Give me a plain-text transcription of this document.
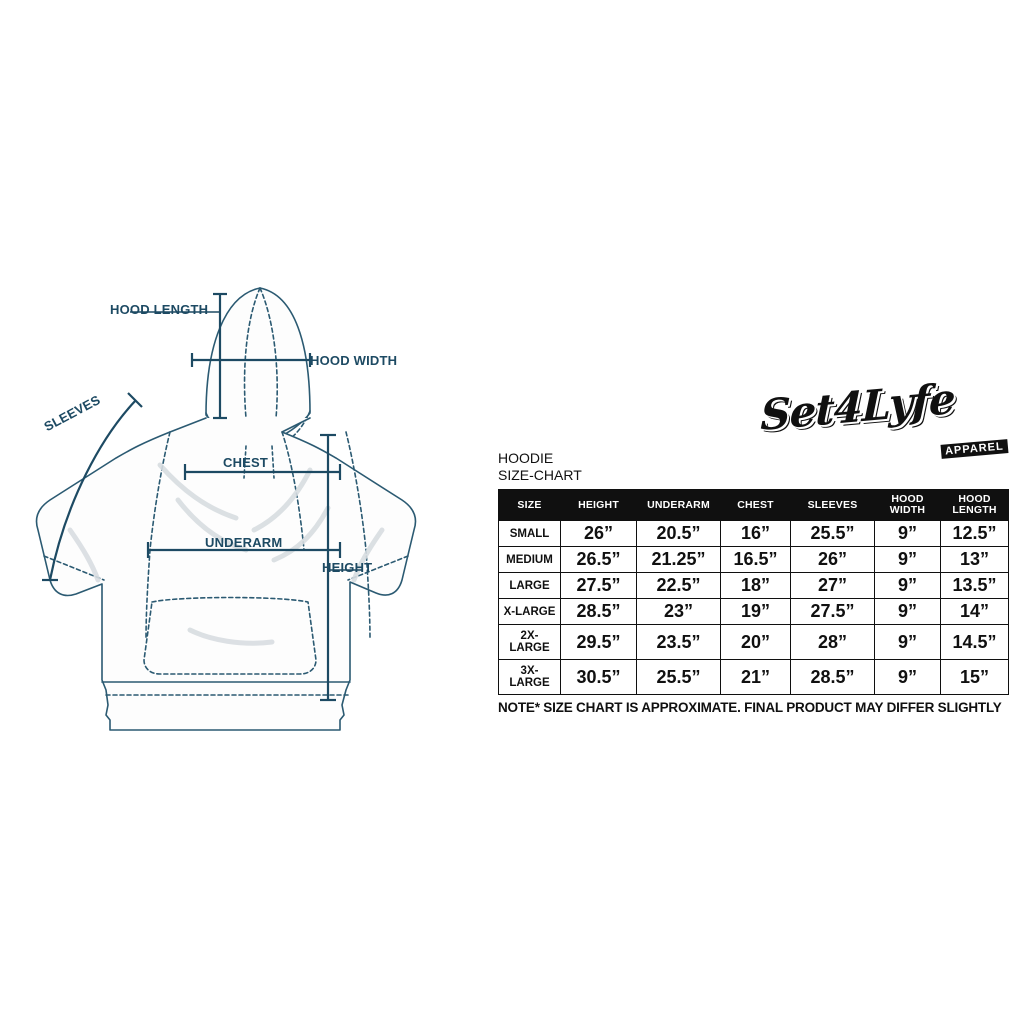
HOOD LENGTH
HOOD WIDTH
SLEEVES
CHEST
UNDERARM
HEIGHT
Set4Lyfe
APPAREL
HOODIE
SIZE-CHART
SIZE	HEIGHT	UNDERARM	CHEST	SLEEVES	HOOD WIDTH	HOOD LENGTH
SMALL	26”	20.5”	16”	25.5”	9”	12.5”
MEDIUM	26.5”	21.25”	16.5”	26”	9”	13”
LARGE	27.5”	22.5”	18”	27”	9”	13.5”
X-LARGE	28.5”	23”	19”	27.5”	9”	14”
2X-LARGE	29.5”	23.5”	20”	28”	9”	14.5”
3X-LARGE	30.5”	25.5”	21”	28.5”	9”	15”
NOTE* SIZE CHART IS APPROXIMATE. FINAL PRODUCT MAY DIFFER SLIGHTLY
